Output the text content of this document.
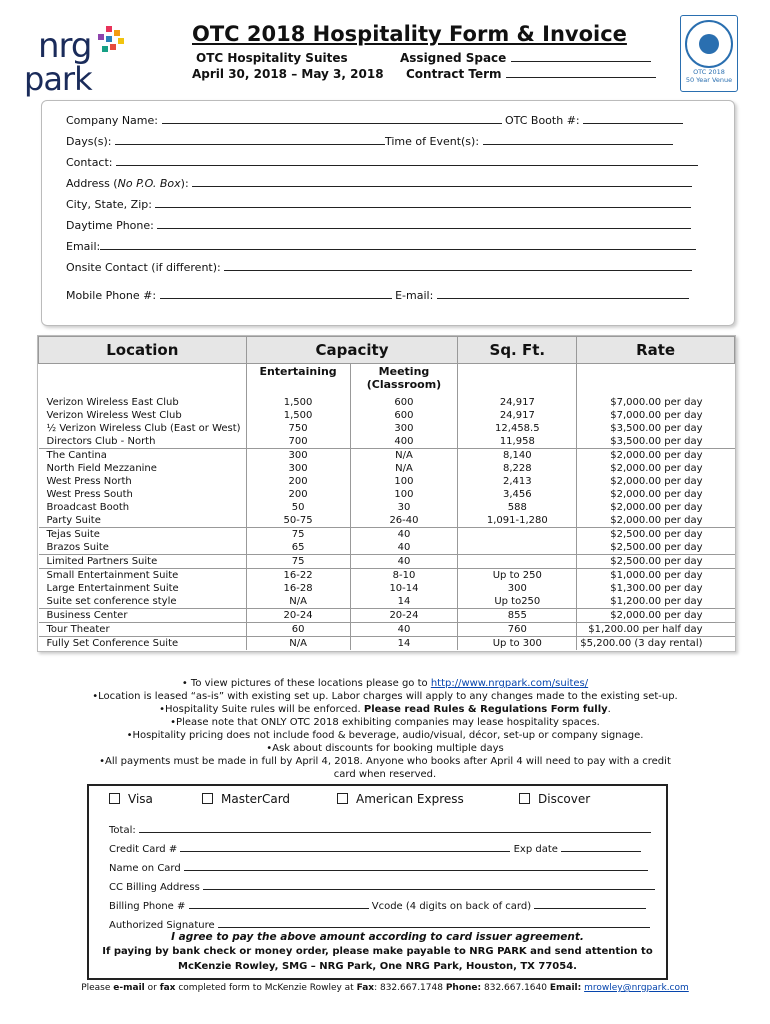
nrg
park
OTC 2018 Hospitality Form & Invoice
OTC Hospitality Suites
April 30, 2018 – May 3, 2018
Assigned Space
Contract Term	OTC 2018
50 Year Venue
Company Name:	OTC Booth #:
Days(s):	Time of Event(s):
Contact:
Address (No P.O. Box):
City, State, Zip:
Daytime Phone:
Email:
Onsite Contact (if different):
Mobile Phone #:	E-mail:
Location	Capacity		Sq. Ft.	Rate
	Entertaining	Meeting
(Classroom)		
Verizon Wireless East Club	1,500	600	24,917	$7,000.00 per day
Verizon Wireless West Club	1,500	600	24,917	$7,000.00 per day
½ Verizon Wireless Club (East or West)	750	300	12,458.5	$3,500.00 per day
Directors Club - North	700	400	11,958	$3,500.00 per day
The Cantina	300	N/A	8,140	$2,000.00 per day
North Field Mezzanine	300	N/A	8,228	$2,000.00 per day
West Press North	200	100	2,413	$2,000.00 per day
West Press South	200	100	3,456	$2,000.00 per day
Broadcast Booth	50	30	588	$2,000.00 per day
Party Suite	50-75	26-40	1,091-1,280	$2,000.00 per day
Tejas Suite	75	40		$2,500.00 per day
Brazos Suite	65	40		$2,500.00 per day
Limited Partners Suite	75	40		$2,500.00 per day
Small Entertainment Suite	16-22	8-10	Up to 250	$1,000.00 per day
Large Entertainment Suite	16-28	10-14	300	$1,300.00 per day
Suite set conference style	N/A	14	Up to250	$1,200.00 per day
Business Center	20-24	20-24	855	$2,000.00 per day
Tour Theater	60	40	760	$1,200.00 per half day
Fully Set Conference Suite	N/A	14	Up to 300	$5,200.00 (3 day rental)
• To view pictures of these locations please go to http://www.nrgpark.com/suites/
•Location is leased “as-is” with existing set up. Labor charges will apply to any changes made to the existing set-up.
•Hospitality Suite rules will be enforced. Please read Rules & Regulations Form fully.
•Please note that ONLY OTC 2018 exhibiting companies may lease hospitality spaces.
•Hospitality pricing does not include food & beverage, audio/visual, décor, set-up or company signage.
•Ask about discounts for booking multiple days
•All payments must be made in full by April 4, 2018. Anyone who books after April 4 will need to pay with a credit
card when reserved.
Visa	MasterCard	American Express	Discover
Total:
Credit Card #	Exp date
Name on Card
CC Billing Address
Billing Phone #	Vcode (4 digits on back of card)
Authorized Signature
I agree to pay the above amount according to card issuer agreement.
If paying by bank check or money order, please make payable to NRG PARK and send attention to
McKenzie Rowley, SMG – NRG Park, One NRG Park, Houston, TX 77054.
Please e-mail or fax completed form to McKenzie Rowley at Fax: 832.667.1748 Phone: 832.667.1640 Email: mrowley@nrgpark.com
